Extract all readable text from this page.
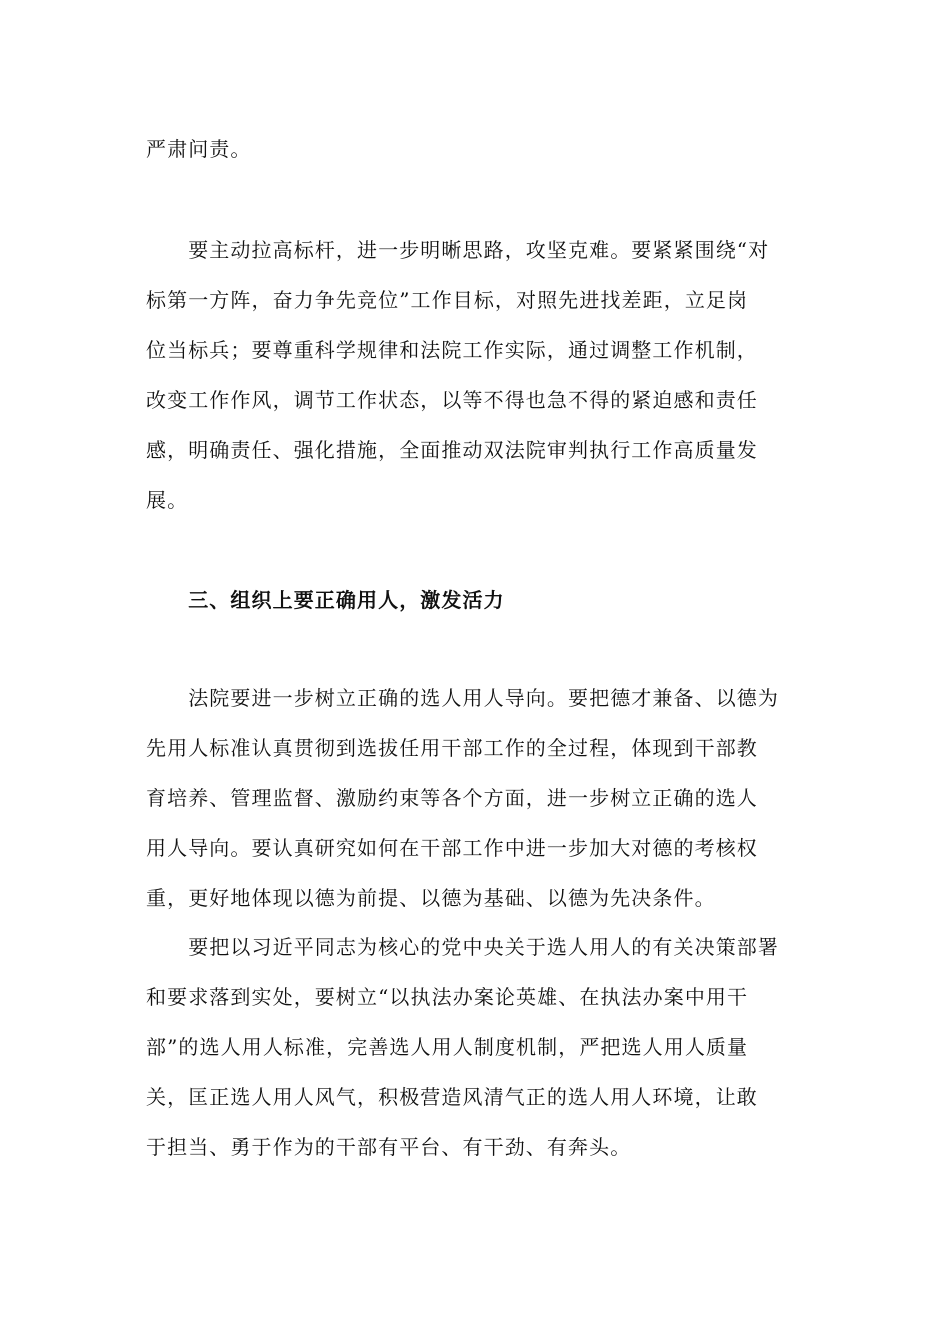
严肃问责。
　　要主动拉高标杆，进一步明晰思路，攻坚克难。要紧紧围绕“对
标第一方阵，奋力争先竞位”工作目标，对照先进找差距，立足岗
位当标兵；要尊重科学规律和法院工作实际，通过调整工作机制，
改变工作作风，调节工作状态，以等不得也急不得的紧迫感和责任
感，明确责任、强化措施，全面推动双法院审判执行工作高质量发
展。
　　三、组织上要正确用人，激发活力
　　法院要进一步树立正确的选人用人导向。要把德才兼备、以德为
先用人标准认真贯彻到选拔任用干部工作的全过程，体现到干部教
育培养、管理监督、激励约束等各个方面，进一步树立正确的选人
用人导向。要认真研究如何在干部工作中进一步加大对德的考核权
重，更好地体现以德为前提、以德为基础、以德为先决条件。
　　要把以习近平同志为核心的党中央关于选人用人的有关决策部署
和要求落到实处，要树立“以执法办案论英雄、在执法办案中用干
部”的选人用人标准，完善选人用人制度机制，严把选人用人质量
关，匡正选人用人风气，积极营造风清气正的选人用人环境，让敢
于担当、勇于作为的干部有平台、有干劲、有奔头。
